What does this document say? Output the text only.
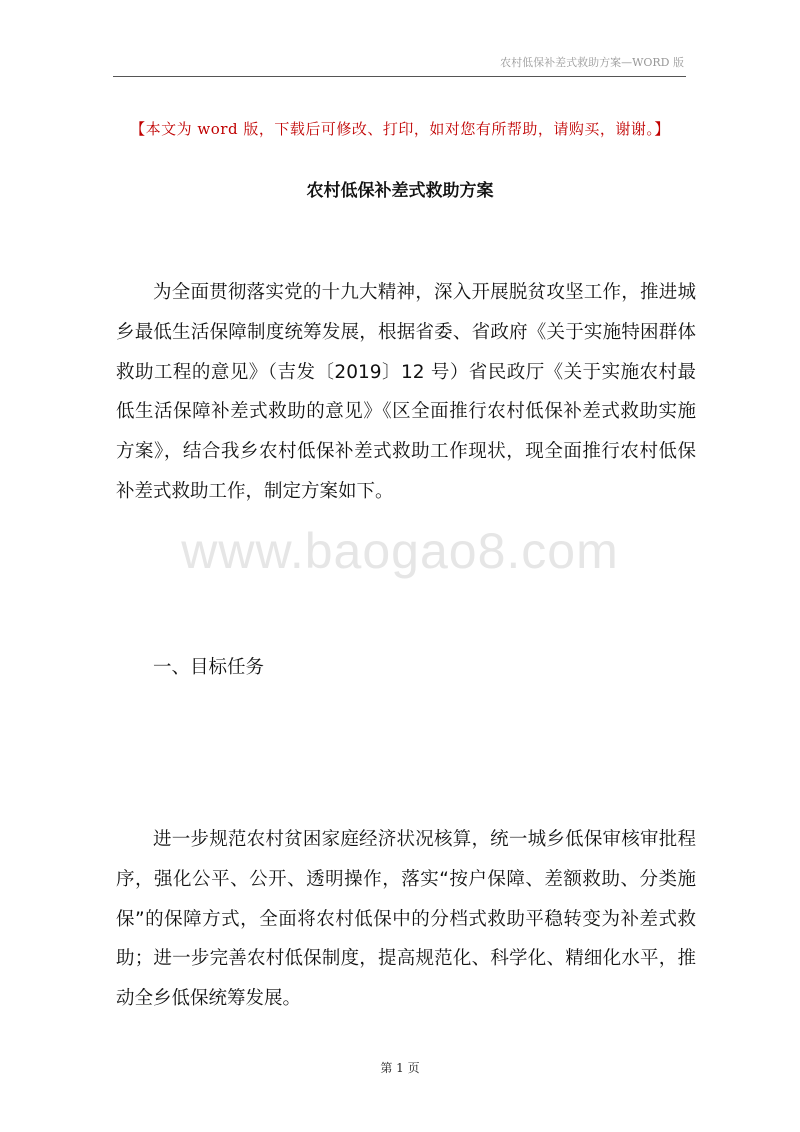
农村低保补差式救助方案—WORD 版
【本文为 word 版，下载后可修改、打印，如对您有所帮助，请购买，谢谢。】
农村低保补差式救助方案
为全面贯彻落实党的十九大精神，深入开展脱贫攻坚工作，推进城乡最低生活保障制度统筹发展，根据省委、省政府《关于实施特困群体救助工程的意见》（吉发〔2019〕12 号）省民政厅《关于实施农村最低生活保障补差式救助的意见》《区全面推行农村低保补差式救助实施方案》，结合我乡农村低保补差式救助工作现状，现全面推行农村低保补差式救助工作，制定方案如下。
www.baogao8.com
一、目标任务
进一步规范农村贫困家庭经济状况核算，统一城乡低保审核审批程序，强化公平、公开、透明操作，落实“按户保障、差额救助、分类施保”的保障方式，全面将农村低保中的分档式救助平稳转变为补差式救助；进一步完善农村低保制度，提高规范化、科学化、精细化水平，推动全乡低保统筹发展。
第 1 页
